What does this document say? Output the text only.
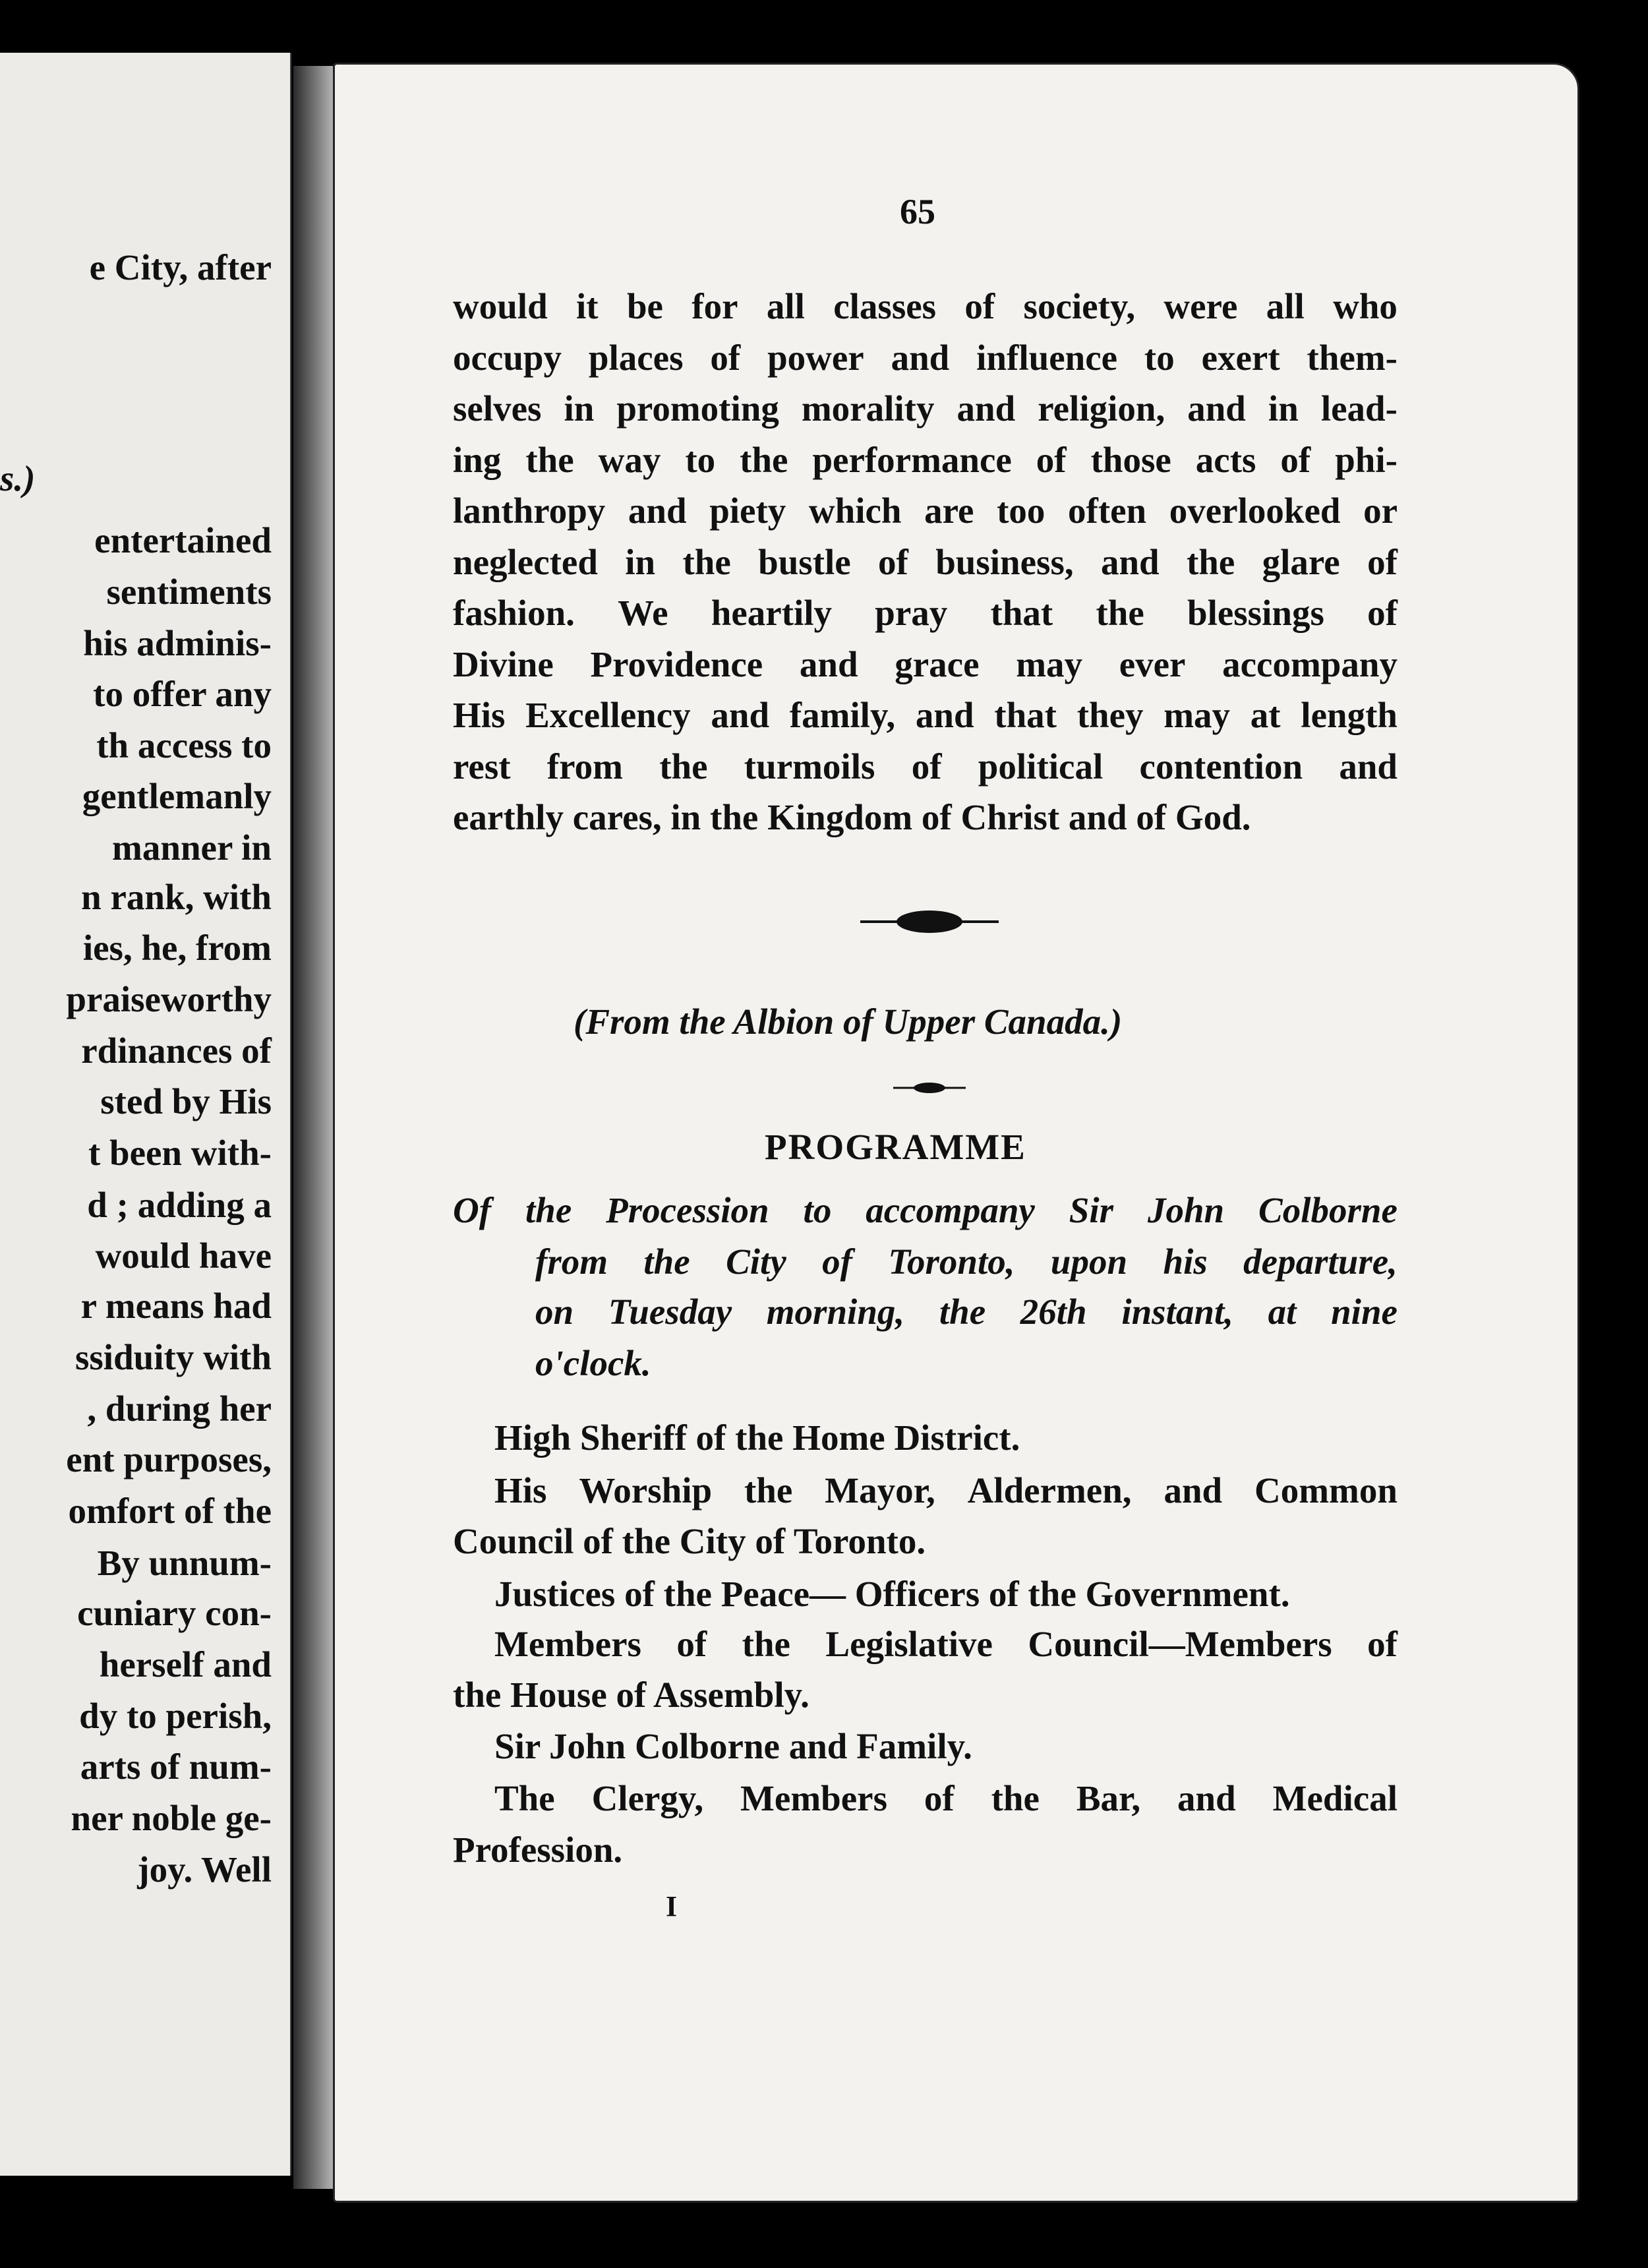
e City, after
s.)
entertained
sentiments
his adminis-
to offer any
th access to
gentlemanly
manner in
n rank, with
ies, he, from
praiseworthy
rdinances of
sted by His
t been with-
d ; adding a
would have
r means had
ssiduity with
, during her
ent purposes,
omfort of the
By unnum-
cuniary con-
herself and
dy to perish,
arts of num-
ner noble ge-
joy. Well
65
would it be for all classes of society, were all who
occupy places of power and influence to exert them-
selves in promoting morality and religion, and in lead-
ing the way to the performance of those acts of phi-
lanthropy and piety which are too often overlooked or
neglected in the bustle of business, and the glare of
fashion. We heartily pray that the blessings of
Divine Providence and grace may ever accompany
His Excellency and family, and that they may at length
rest from the turmoils of political contention and
earthly cares, in the Kingdom of Christ and of God.
(From the Albion of Upper Canada.)
PROGRAMME
Of the Procession to accompany Sir John Colborne
from the City of Toronto, upon his departure,
on Tuesday morning, the 26th instant, at nine
o'clock.
High Sheriff of the Home District.
His Worship the Mayor, Aldermen, and Common
Council of the City of Toronto.
Justices of the Peace— Officers of the Government.
Members of the Legislative Council—Members of
the House of Assembly.
Sir John Colborne and Family.
The Clergy, Members of the Bar, and Medical
Profession.
I
